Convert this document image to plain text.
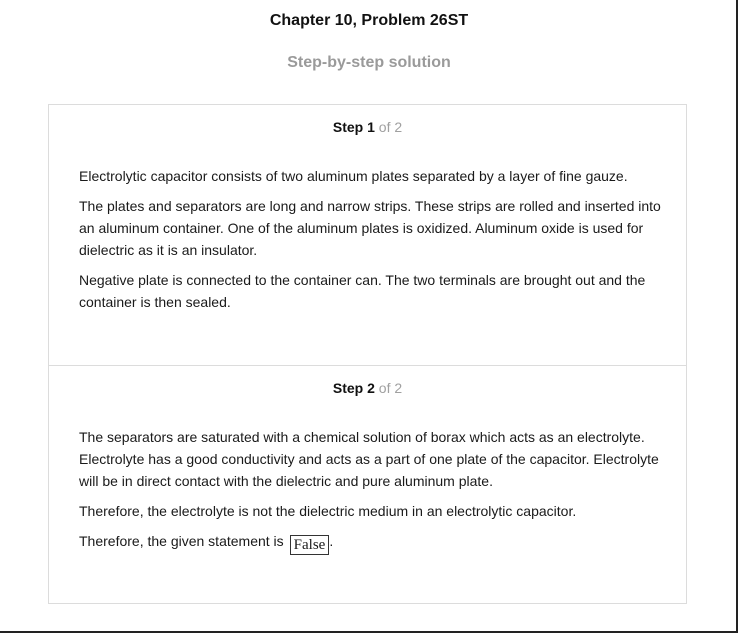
Chapter 10, Problem 26ST
Step-by-step solution
Step 1 of 2

Electrolytic capacitor consists of two aluminum plates separated by a layer of fine gauze.

The plates and separators are long and narrow strips. These strips are rolled and inserted into an aluminum container. One of the aluminum plates is oxidized. Aluminum oxide is used for dielectric as it is an insulator.

Negative plate is connected to the container can. The two terminals are brought out and the container is then sealed.

Step 2 of 2

The separators are saturated with a chemical solution of borax which acts as an electrolyte. Electrolyte has a good conductivity and acts as a part of one plate of the capacitor. Electrolyte will be in direct contact with the dielectric and pure aluminum plate.

Therefore, the electrolyte is not the dielectric medium in an electrolytic capacitor.

Therefore, the given statement is False .
